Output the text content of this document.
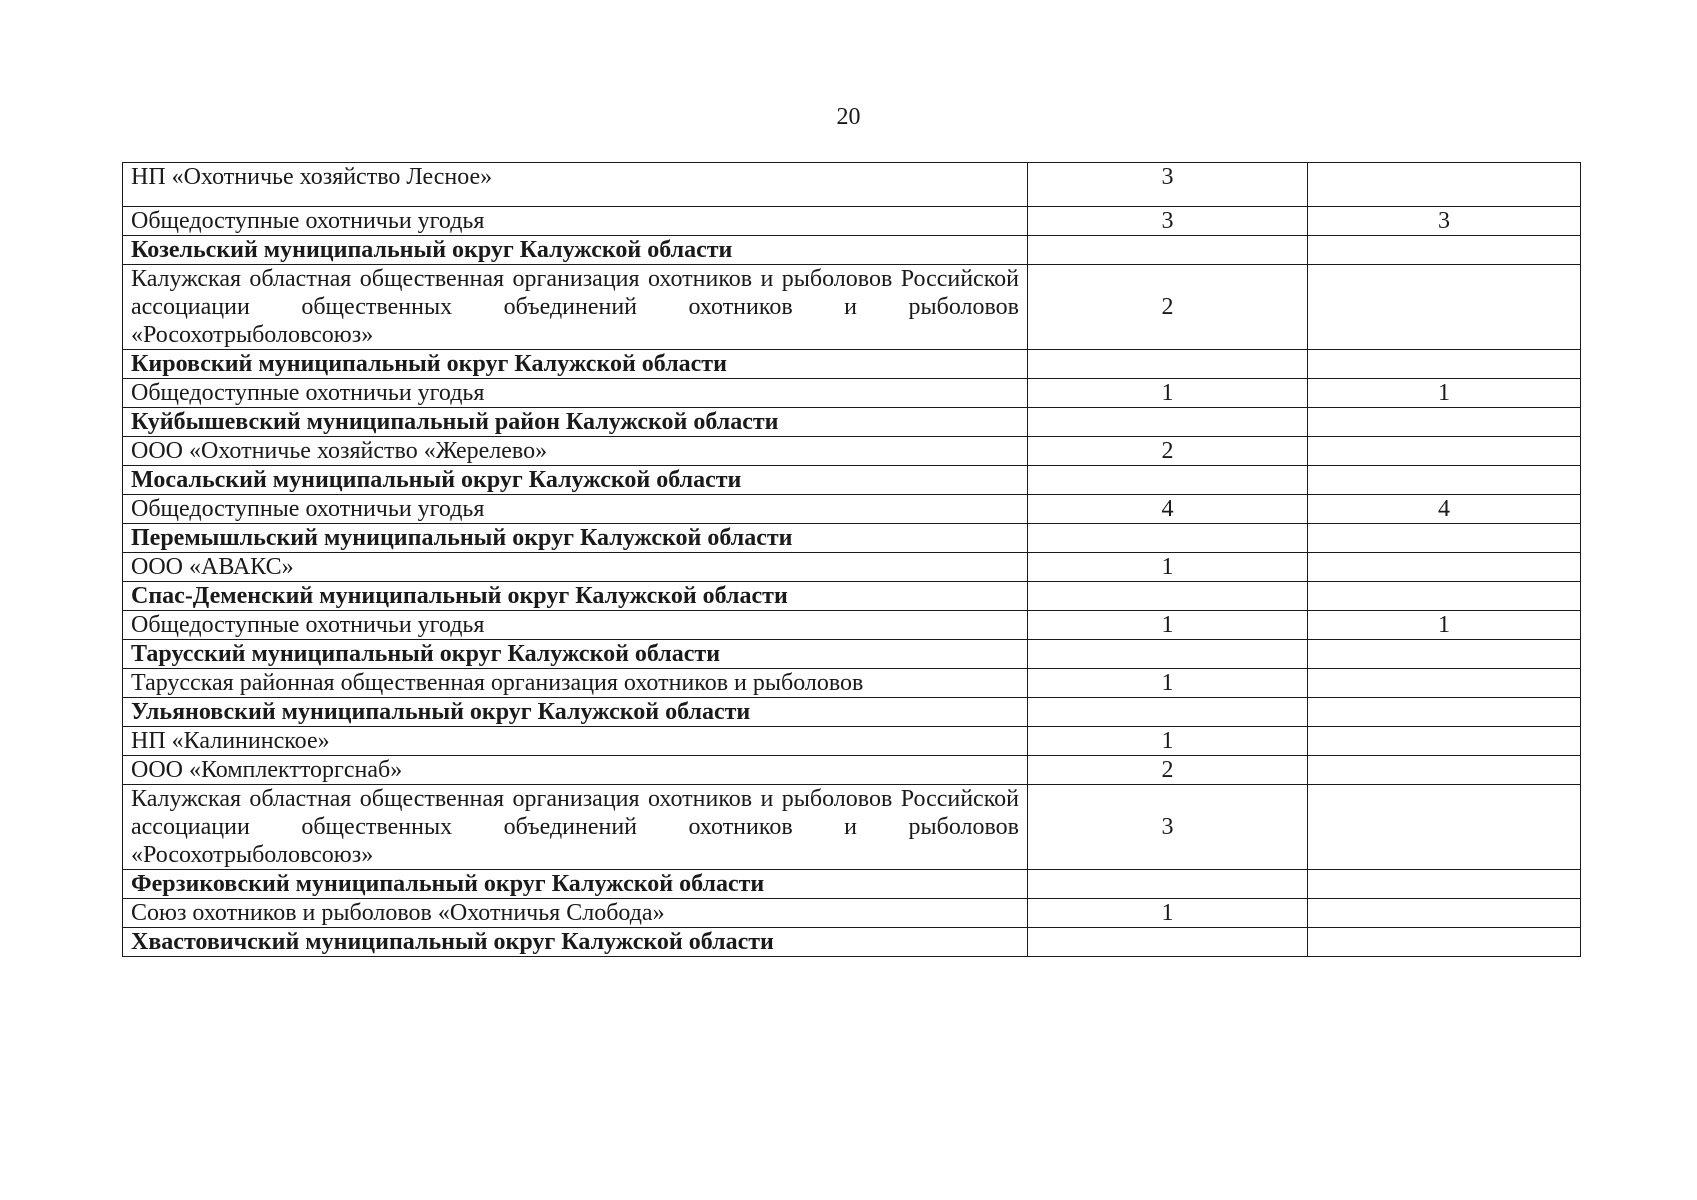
20
НП «Охотничье хозяйство Лесное»	3	
Общедоступные охотничьи угодья	3	3
Козельский муниципальный округ Калужской области		
Калужская областная общественная организация охотников и рыболовов Российской ассоциации общественных объединений охотников и рыболовов «Росохотрыболовсоюз»	2	
Кировский муниципальный округ Калужской области		
Общедоступные охотничьи угодья	1	1
Куйбышевский муниципальный район Калужской области		
ООО «Охотничье хозяйство «Жерелево»	2	
Мосальский муниципальный округ Калужской области		
Общедоступные охотничьи угодья	4	4
Перемышльский муниципальный округ Калужской области		
ООО «АВАКС»	1	
Спас-Деменский муниципальный округ Калужской области		
Общедоступные охотничьи угодья	1	1
Тарусский муниципальный округ Калужской области		
Тарусская районная общественная организация охотников и рыболовов	1	
Ульяновский муниципальный округ Калужской области		
НП «Калининское»	1	
ООО «Комплектторгснаб»	2	
Калужская областная общественная организация охотников и рыболовов Российской ассоциации общественных объединений охотников и рыболовов «Росохотрыболовсоюз»	3	
Ферзиковский муниципальный округ Калужской области		
Союз охотников и рыболовов «Охотничья Слобода»	1	
Хвастовичский муниципальный округ Калужской области		
